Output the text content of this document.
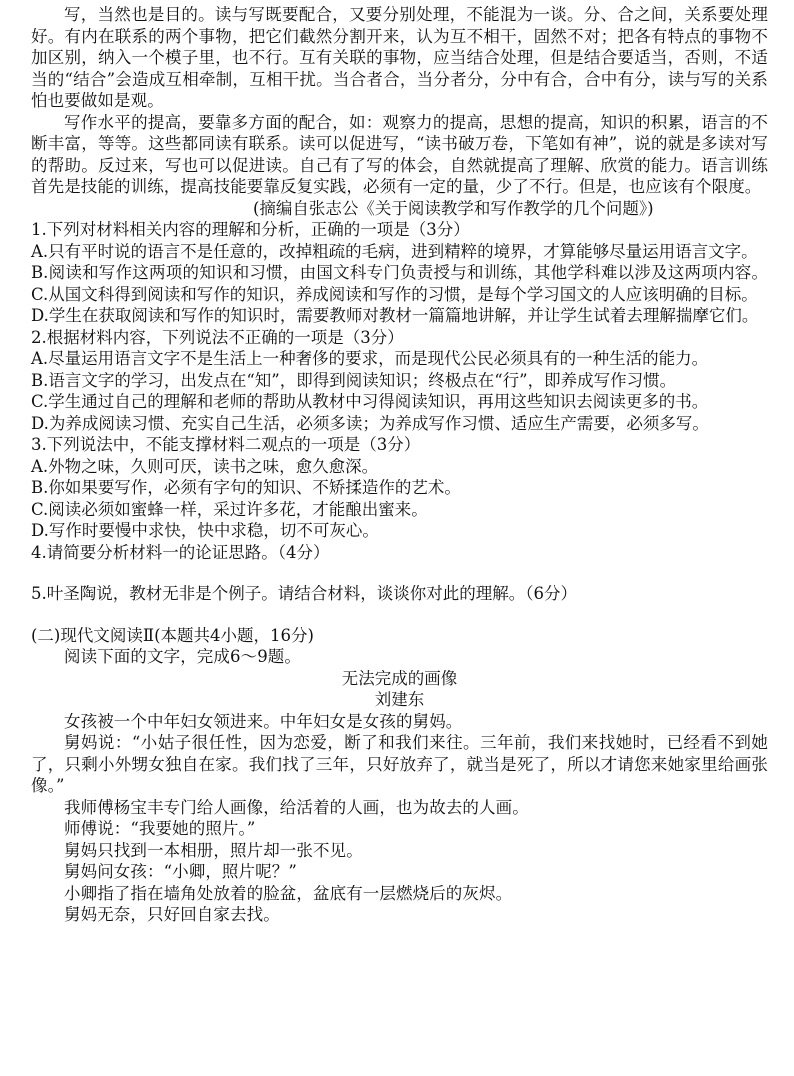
写，当然也是目的。读与写既要配合，又要分别处理，不能混为一谈。分、合之间，关系要处理好。有内在联系的两个事物，把它们截然分割开来，认为互不相干，固然不对；把各有特点的事物不加区别，纳入一个模子里，也不行。互有关联的事物，应当结合处理，但是结合要适当，否则，不适当的“结合”会造成互相牵制，互相干扰。当合者合，当分者分，分中有合，合中有分，读与写的关系怕也要做如是观。

写作水平的提高，要靠多方面的配合，如：观察力的提高，思想的提高，知识的积累，语言的不断丰富，等等。这些都同读有联系。读可以促进写，“读书破万卷，下笔如有神”，说的就是多读对写的帮助。反过来，写也可以促进读。自己有了写的体会，自然就提高了理解、欣赏的能力。语言训练首先是技能的训练，提高技能要靠反复实践，必须有一定的量，少了不行。但是，也应该有个限度。

(摘编自张志公《关于阅读教学和写作教学的几个问题》)

1.下列对材料相关内容的理解和分析，正确的一项是（3分）

A.只有平时说的语言不是任意的，改掉粗疏的毛病，进到精粹的境界，才算能够尽量运用语言文字。

B.阅读和写作这两项的知识和习惯，由国文科专门负责授与和训练，其他学科难以涉及这两项内容。C.从国文科得到阅读和写作的知识，养成阅读和写作的习惯，是每个学习国文的人应该明确的目标。

D.学生在获取阅读和写作的知识时，需要教师对教材一篇篇地讲解，并让学生试着去理解揣摩它们。

2.根据材料内容，下列说法不正确的一项是（3分）

A.尽量运用语言文字不是生活上一种奢侈的要求，而是现代公民必须具有的一种生活的能力。

B.语言文字的学习，出发点在“知”，即得到阅读知识；终极点在“行”，即养成写作习惯。

C.学生通过自己的理解和老师的帮助从教材中习得阅读知识，再用这些知识去阅读更多的书。

D.为养成阅读习惯、充实自己生活，必须多读；为养成写作习惯、适应生产需要，必须多写。

3.下列说法中，不能支撑材料二观点的一项是（3分）

A.外物之味，久则可厌，读书之味，愈久愈深。

B.你如果要写作，必须有字句的知识、不矫揉造作的艺术。

C.阅读必须如蜜蜂一样，采过许多花，才能酿出蜜来。

D.写作时要慢中求快，快中求稳，切不可灰心。

4.请简要分析材料一的论证思路。（4分）

5.叶圣陶说，教材无非是个例子。请结合材料，谈谈你对此的理解。（6分）

(二)现代文阅读Ⅱ(本题共4小题，16分)

阅读下面的文字，完成6～9题。

无法完成的画像

刘建东

女孩被一个中年妇女领进来。中年妇女是女孩的舅妈。

舅妈说：“小姑子很任性，因为恋爱，断了和我们来往。三年前，我们来找她时，已经看不到她了，只剩小外甥女独自在家。我们找了三年，只好放弃了，就当是死了，所以才请您来她家里给画张像。”

我师傅杨宝丰专门给人画像，给活着的人画，也为故去的人画。

师傅说：“我要她的照片。”

舅妈只找到一本相册，照片却一张不见。

舅妈问女孩：“小卿，照片呢？”

小卿指了指在墙角处放着的脸盆，盆底有一层燃烧后的灰烬。

舅妈无奈，只好回自家去找。
